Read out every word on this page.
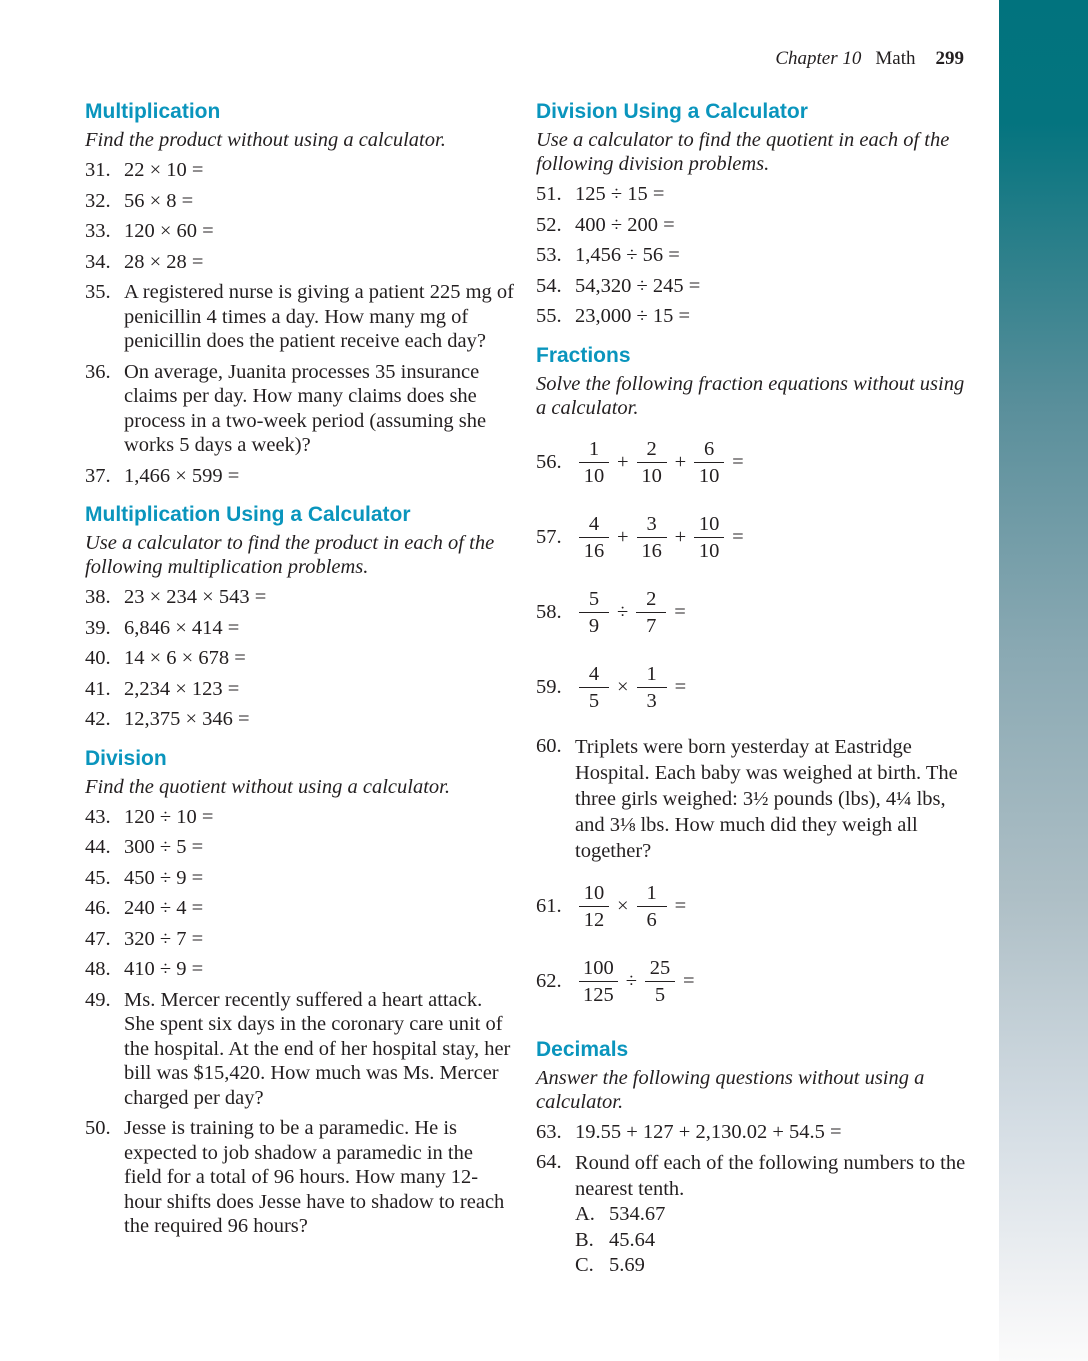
Chapter 10 Math 299
Multiplication
Find the product without using a calculator.
31. 22 × 10 =
32. 56 × 8 =
33. 120 × 60 =
34. 28 × 28 =
35. A registered nurse is giving a patient 225 mg of penicillin 4 times a day. How many mg of penicillin does the patient receive each day?
36. On average, Juanita processes 35 insurance claims per day. How many claims does she process in a two-week period (assuming she works 5 days a week)?
37. 1,466 × 599 =
Multiplication Using a Calculator
Use a calculator to find the product in each of the following multiplication problems.
38. 23 × 234 × 543 =
39. 6,846 × 414 =
40. 14 × 6 × 678 =
41. 2,234 × 123 =
42. 12,375 × 346 =
Division
Find the quotient without using a calculator.
43. 120 ÷ 10 =
44. 300 ÷ 5 =
45. 450 ÷ 9 =
46. 240 ÷ 4 =
47. 320 ÷ 7 =
48. 410 ÷ 9 =
49. Ms. Mercer recently suffered a heart attack. She spent six days in the coronary care unit of the hospital. At the end of her hospital stay, her bill was $15,420. How much was Ms. Mercer charged per day?
50. Jesse is training to be a paramedic. He is expected to job shadow a paramedic in the field for a total of 96 hours. How many 12-hour shifts does Jesse have to shadow to reach the required 96 hours?
Division Using a Calculator
Use a calculator to find the quotient in each of the following division problems.
51. 125 ÷ 15 =
52. 400 ÷ 200 =
53. 1,456 ÷ 56 =
54. 54,320 ÷ 245 =
55. 23,000 ÷ 15 =
Fractions
Solve the following fraction equations without using a calculator.
56. $\frac{1}{10} + \frac{2}{10} + \frac{6}{10}$ =
57. $\frac{4}{16} + \frac{3}{16} + \frac{10}{10}$ =
58. $\frac{5}{9} \div \frac{2}{7}$ =
59. $\frac{4}{5} \times \frac{1}{3}$ =
60. Triplets were born yesterday at Eastridge Hospital. Each baby was weighed at birth. The three girls weighed: 3½ pounds (lbs), 4¼ lbs, and 3⅛ lbs. How much did they weigh all together?
61. $\frac{10}{12} \times \frac{1}{6}$ =
62. $\frac{100}{125} \div \frac{25}{5}$ =
Decimals
Answer the following questions without using a calculator.
63. 19.55 + 127 + 2,130.02 + 54.5 =
64. Round off each of the following numbers to the nearest tenth.
A. 534.67
B. 45.64
C. 5.69
